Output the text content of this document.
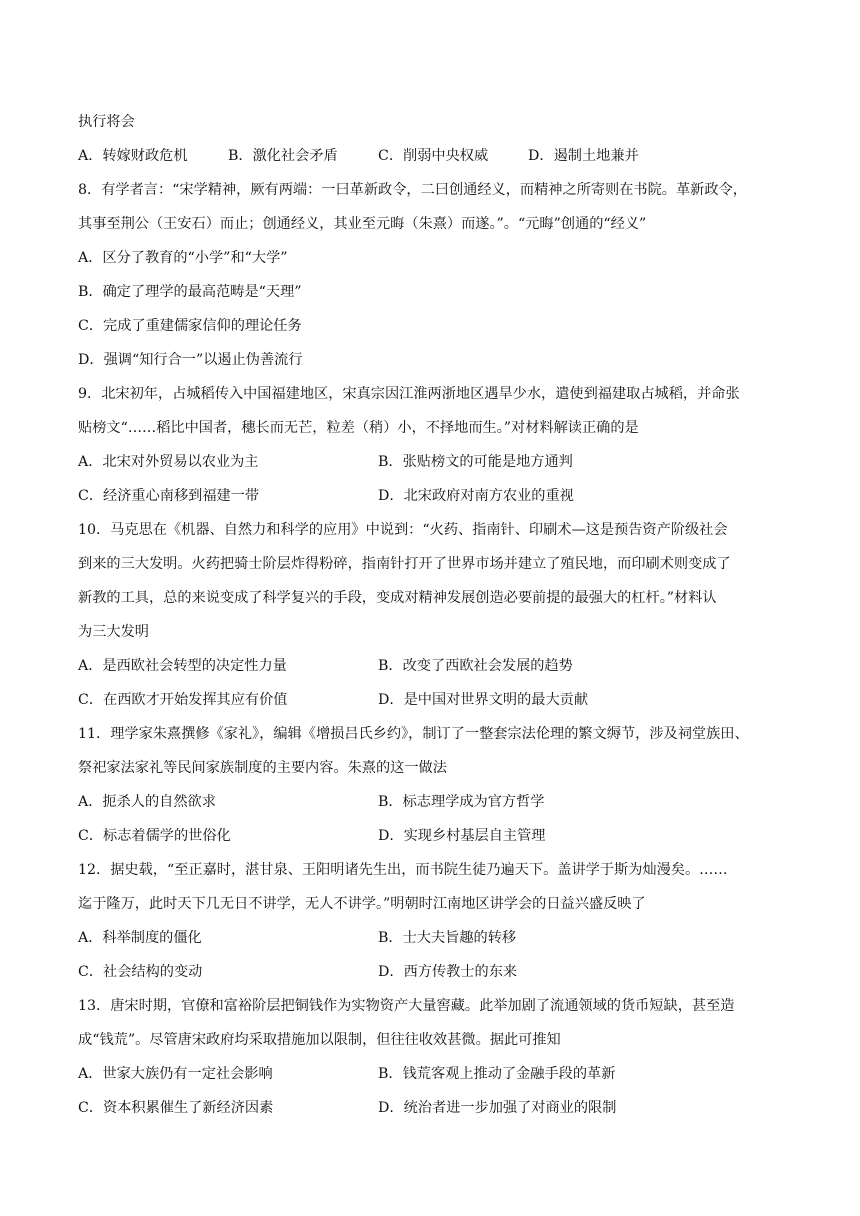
执行将会
A．转嫁财政危机	B．激化社会矛盾	C．削弱中央权威	D．遏制土地兼并
8．有学者言：“宋学精神，厥有两端：一曰革新政令，二曰创通经义，而精神之所寄则在书院。革新政令，
其事至荆公（王安石）而止；创通经义，其业至元晦（朱熹）而遂。”。“元晦”创通的“经义”
A．区分了教育的“小学”和“大学”
B．确定了理学的最高范畴是“天理”
C．完成了重建儒家信仰的理论任务
D．强调“知行合一”以遏止伪善流行
9．北宋初年，占城稻传入中国福建地区，宋真宗因江淮两浙地区遇旱少水，遣使到福建取占城稻，并命张
贴榜文“……稻比中国者，穗长而无芒，粒差（稍）小，不择地而生。”对材料解读正确的是
A．北宋对外贸易以农业为主	B．张贴榜文的可能是地方通判
C．经济重心南移到福建一带	D．北宋政府对南方农业的重视
10．马克思在《机器、自然力和科学的应用》中说到：“火药、指南针、印刷术—这是预告资产阶级社会
到来的三大发明。火药把骑士阶层炸得粉碎，指南针打开了世界市场并建立了殖民地，而印刷术则变成了
新教的工具，总的来说变成了科学复兴的手段，变成对精神发展创造必要前提的最强大的杠杆。”材料认
为三大发明
A．是西欧社会转型的决定性力量	B．改变了西欧社会发展的趋势
C．在西欧才开始发挥其应有价值	D．是中国对世界文明的最大贡献
11．理学家朱熹撰修《家礼》，编辑《增损吕氏乡约》，制订了一整套宗法伦理的繁文缛节，涉及祠堂族田、
祭祀家法家礼等民间家族制度的主要内容。朱熹的这一做法
A．扼杀人的自然欲求	B．标志理学成为官方哲学
C．标志着儒学的世俗化	D．实现乡村基层自主管理
12．据史载，“至正嘉时，湛甘泉、王阳明诸先生出，而书院生徒乃遍天下。盖讲学于斯为灿漫矣。……
迄于隆万，此时天下几无日不讲学，无人不讲学。”明朝时江南地区讲学会的日益兴盛反映了
A．科举制度的僵化	B．士大夫旨趣的转移
C．社会结构的变动	D．西方传教士的东来
13．唐宋时期，官僚和富裕阶层把铜钱作为实物资产大量窖藏。此举加剧了流通领域的货币短缺，甚至造
成“钱荒”。尽管唐宋政府均采取措施加以限制，但往往收效甚微。据此可推知
A．世家大族仍有一定社会影响	B．钱荒客观上推动了金融手段的革新
C．资本积累催生了新经济因素	D．统治者进一步加强了对商业的限制
